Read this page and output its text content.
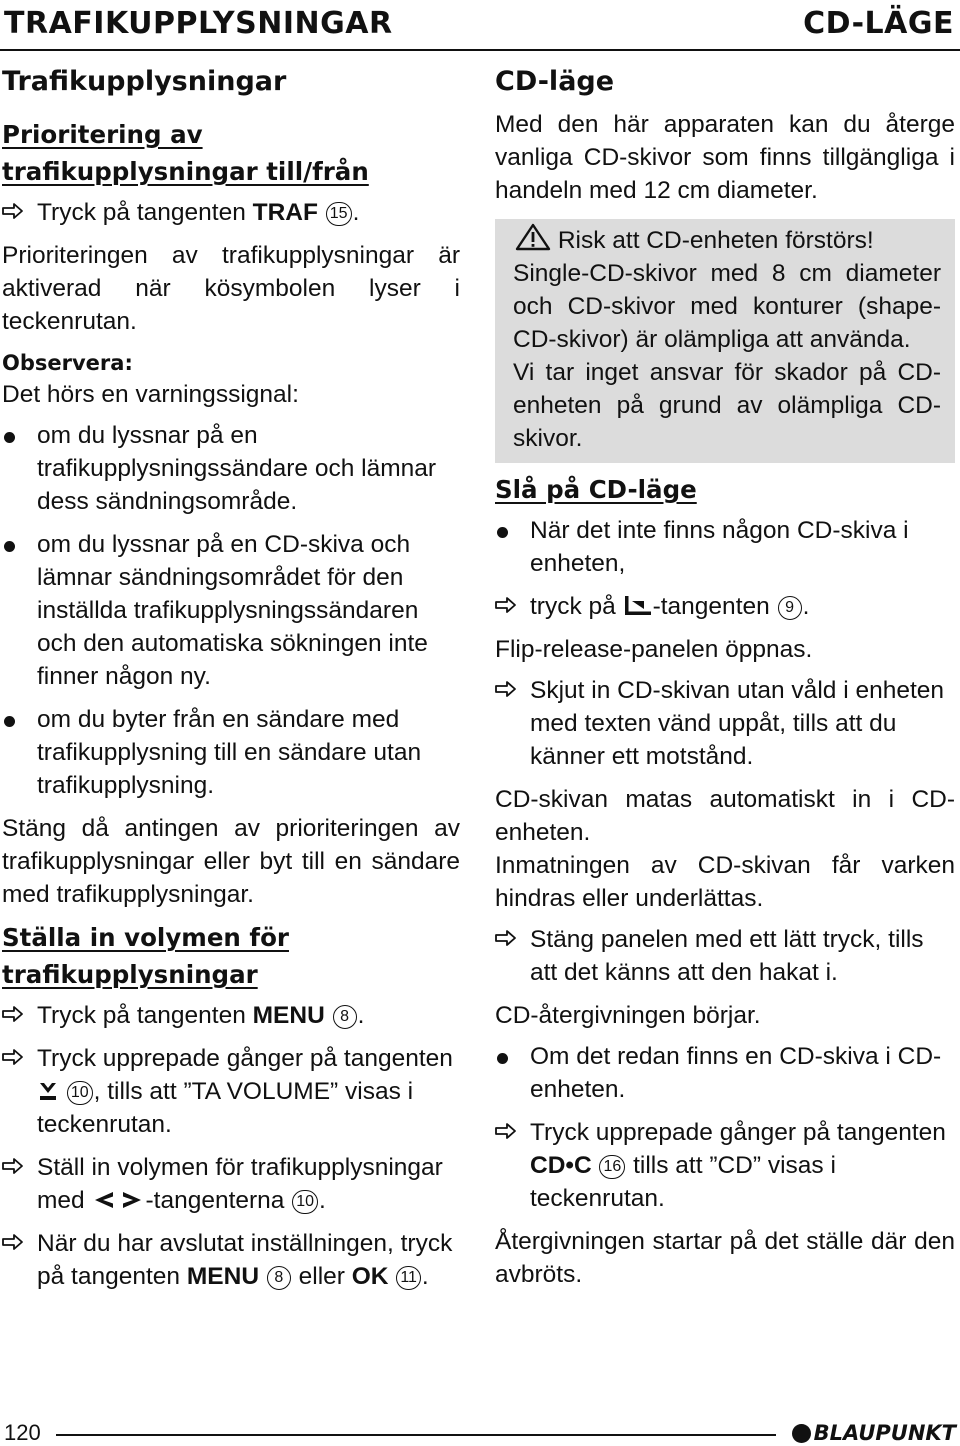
TRAFIKUPPLYSNINGAR	CD-LÄGE
Trafikupplysningar
Prioritering av trafikupplysningar till/från
Tryck på tangenten TRAF 15 .
Prioriteringen av trafikupplysningar är aktiverad när kösymbolen lyser i teckenrutan.
Observera:
Det hörs en varningssignal:
om du lyssnar på en trafikupplysningssändare och lämnar dess sändningsområde.
om du lyssnar på en CD-skiva och lämnar sändningsområdet för den inställda trafikupplysningssändaren och den automatiska sökningen inte finner någon ny.
om du byter från en sändare med trafikupplysning till en sändare utan trafikupplysning.
Stäng då antingen av prioriteringen av trafikupplysningar eller byt till en sändare med trafikupplysningar.
Ställa in volymen för trafikupplysningar
Tryck på tangenten MENU 8 .
Tryck upprepade gånger på tangenten  10 , tills att ”TA VOLUME” visas i teckenrutan.
Ställ in volymen för trafikupplysningar med -tangenterna 10 .
När du har avslutat inställningen, tryck på tangenten MENU 8 eller OK 11 .
CD-läge
Med den här apparaten kan du återge vanliga CD-skivor som finns tillgängliga i handeln med 12 cm diameter.
Risk att CD-enheten förstörs!
Single-CD-skivor med 8 cm diameter och CD-skivor med konturer (shape-CD-skivor) är olämpliga att använda.
Vi tar inget ansvar för skador på CD-enheten på grund av olämpliga CD-skivor.
Slå på CD-läge
När det inte finns någon CD-skiva i enheten,
tryck på -tangenten 9 .
Flip-release-panelen öppnas.
Skjut in CD-skivan utan våld i enheten med texten vänd uppåt, tills att du känner ett motstånd.
CD-skivan matas automatiskt in i CD-enheten.
Inmatningen av CD-skivan får varken hindras eller underlättas.
Stäng panelen med ett lätt tryck, tills att det känns att den hakat i.
CD-återgivningen börjar.
Om det redan finns en CD-skiva i CD-enheten.
Tryck upprepade gånger på tangenten CD•C 16 tills att ”CD” visas i teckenrutan.
Återgivningen startar på det ställe där den avbröts.
120	BLAUPUNKT
